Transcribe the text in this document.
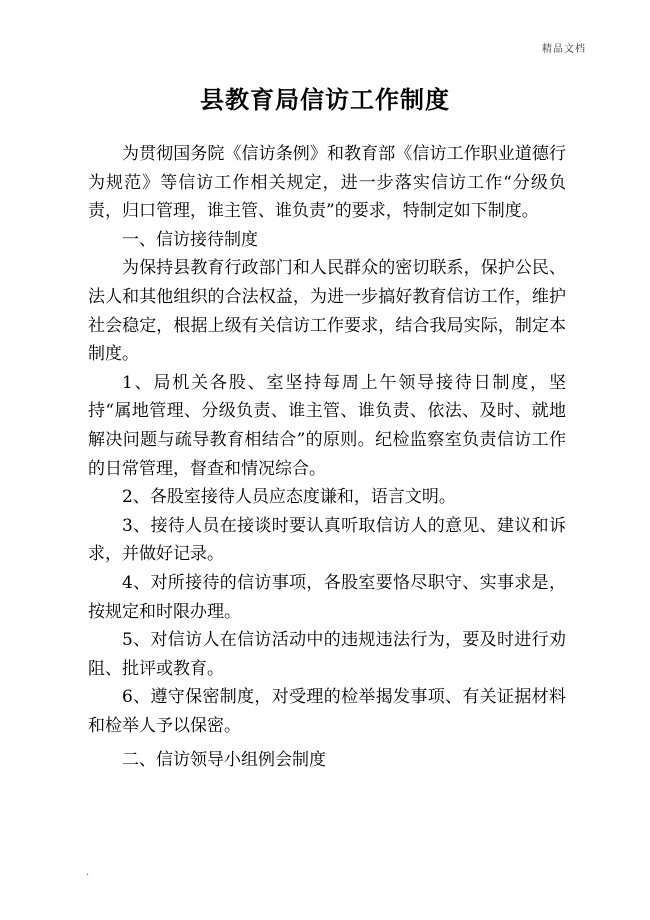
精品文档
县教育局信访工作制度

为贯彻国务院《信访条例》和教育部《信访工作职业道德行为规范》等信访工作相关规定，进一步落实信访工作“分级负责，归口管理，谁主管、谁负责”的要求，特制定如下制度。

一、信访接待制度

为保持县教育行政部门和人民群众的密切联系，保护公民、法人和其他组织的合法权益，为进一步搞好教育信访工作，维护社会稳定，根据上级有关信访工作要求，结合我局实际，制定本制度。

1、局机关各股、室坚持每周上午领导接待日制度，坚持“属地管理、分级负责、谁主管、谁负责、依法、及时、就地解决问题与疏导教育相结合”的原则。纪检监察室负责信访工作的日常管理，督查和情况综合。

2、各股室接待人员应态度谦和，语言文明。

3、接待人员在接谈时要认真听取信访人的意见、建议和诉求，并做好记录。

4、对所接待的信访事项，各股室要恪尽职守、实事求是，按规定和时限办理。

5、对信访人在信访活动中的违规违法行为，要及时进行劝阻、批评或教育。

6、遵守保密制度，对受理的检举揭发事项、有关证据材料和检举人予以保密。

二、信访领导小组例会制度

.
